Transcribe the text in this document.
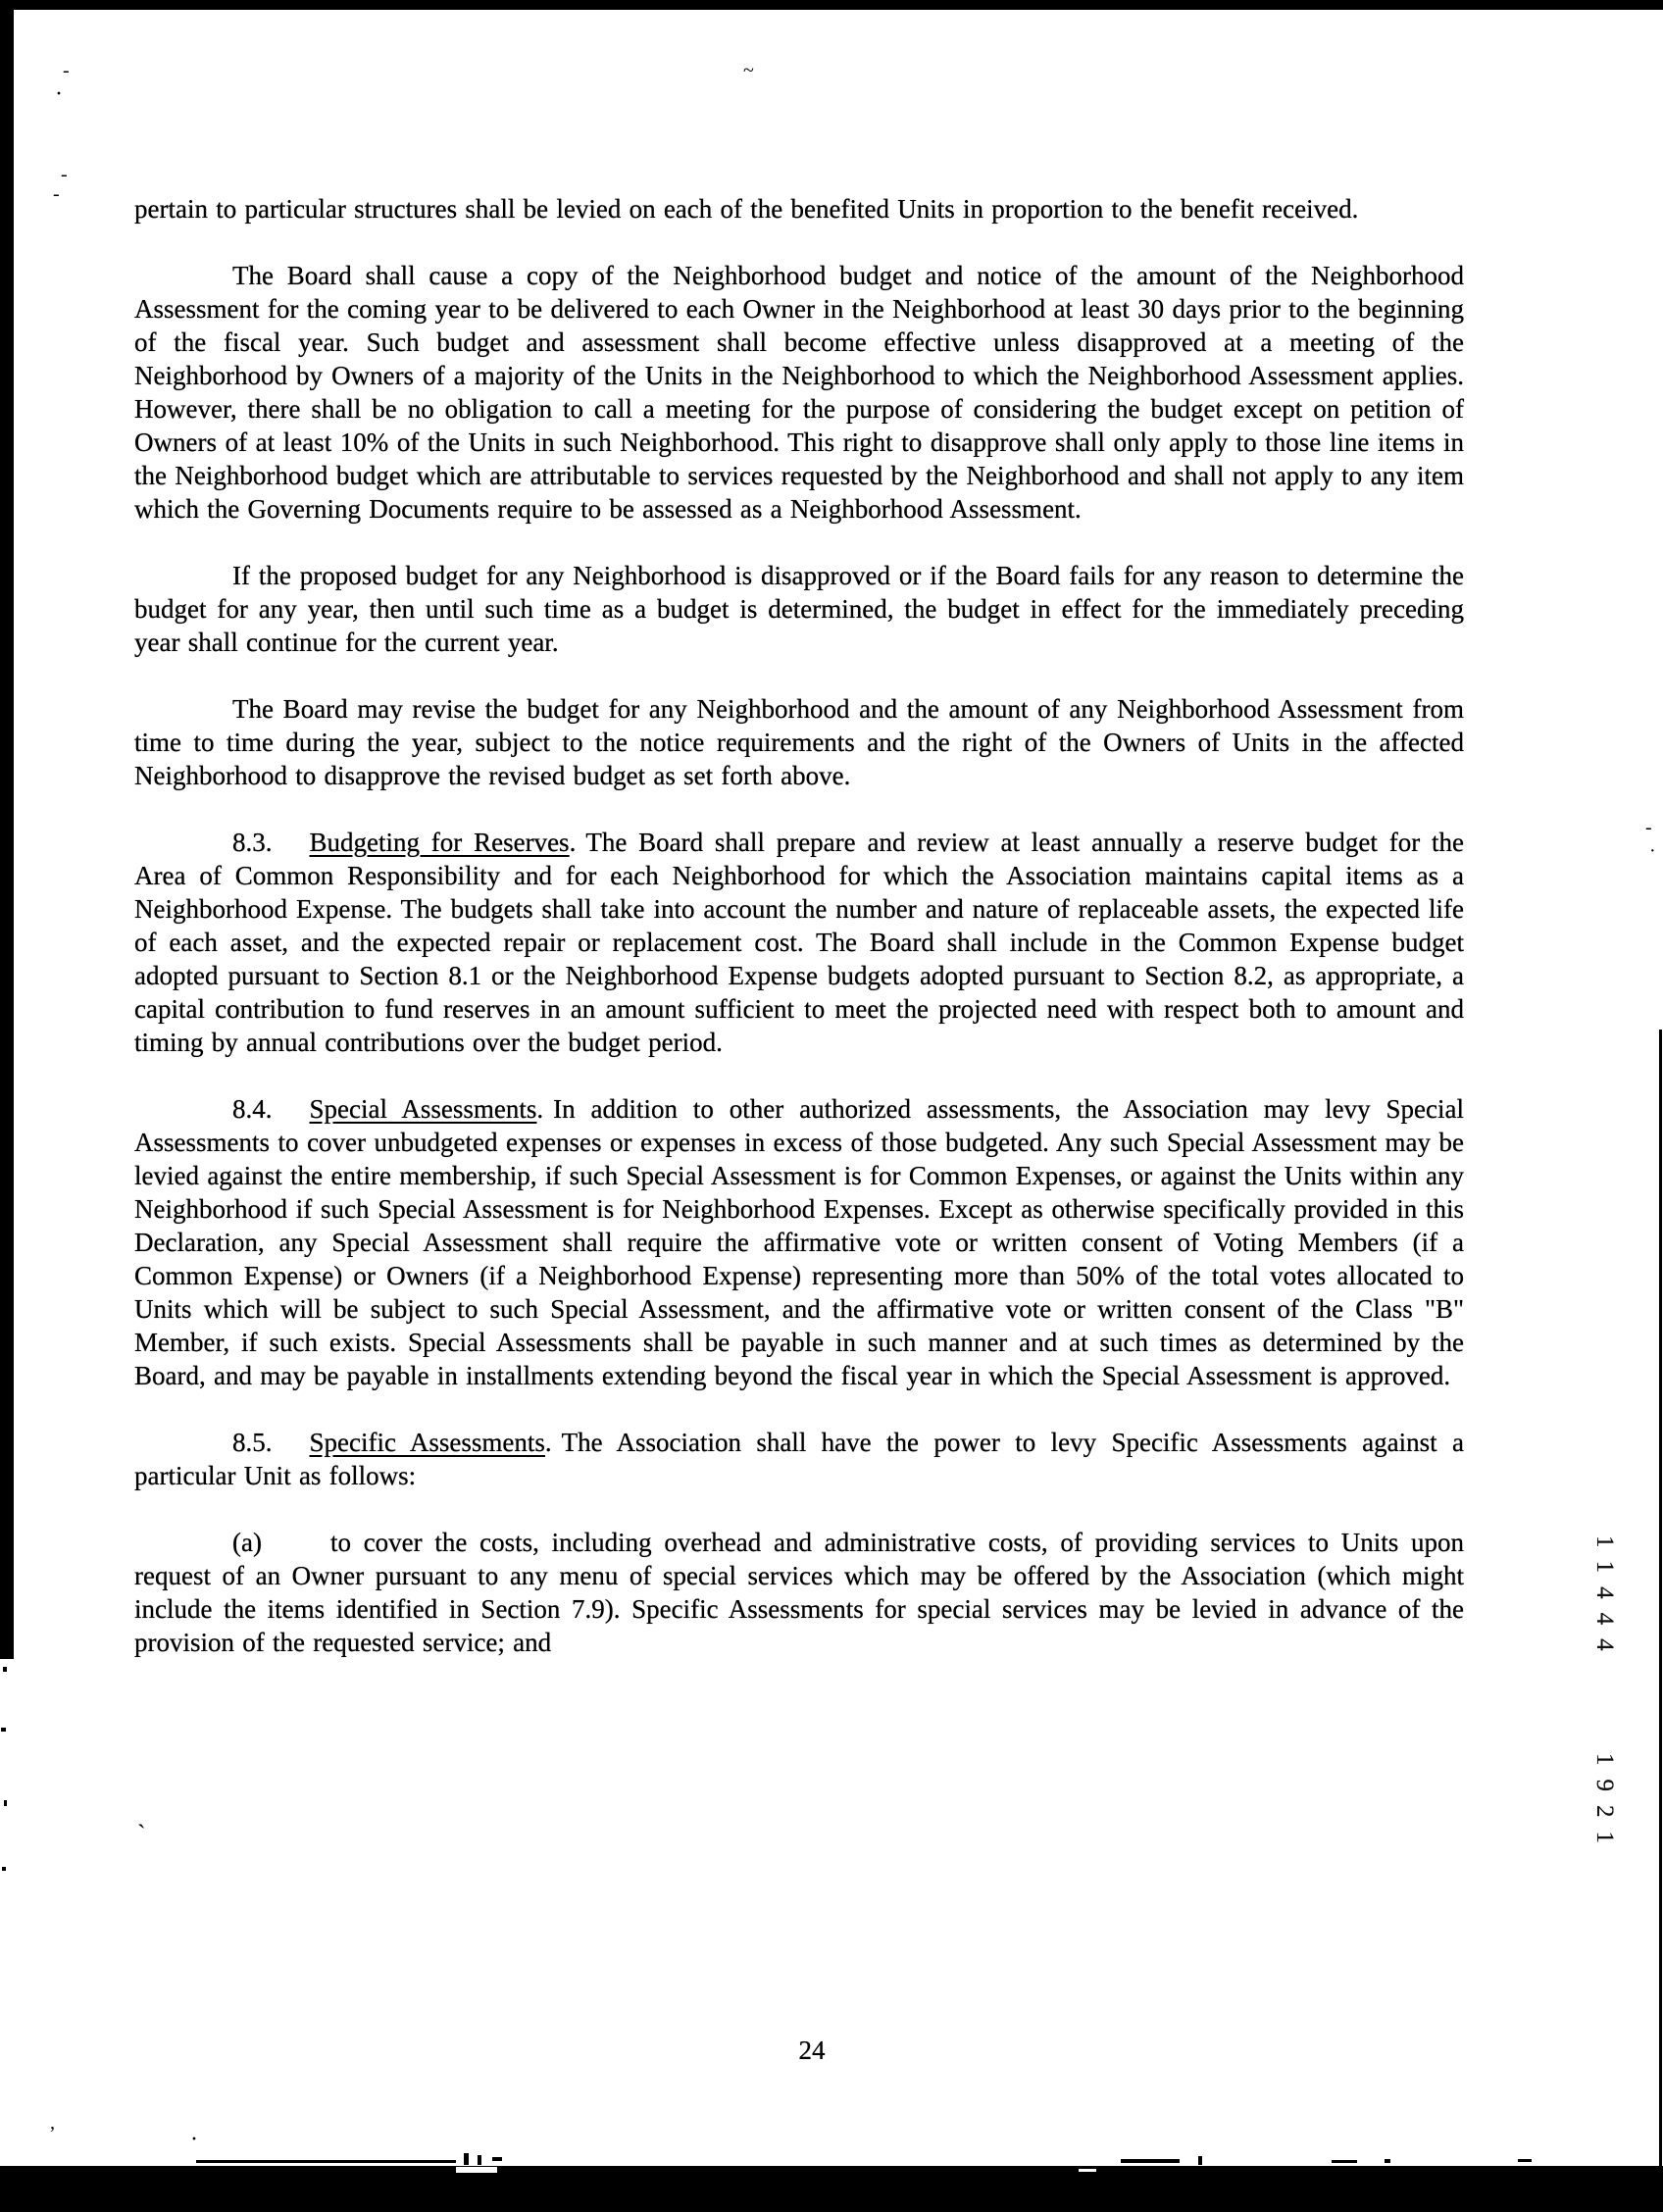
pertain to particular structures shall be levied on each of the benefited Units in proportion to the benefit received.

The Board shall cause a copy of the Neighborhood budget and notice of the amount of the Neighborhood Assessment for the coming year to be delivered to each Owner in the Neighborhood at least 30 days prior to the beginning of the fiscal year. Such budget and assessment shall become effective unless disapproved at a meeting of the Neighborhood by Owners of a majority of the Units in the Neighborhood to which the Neighborhood Assessment applies. However, there shall be no obligation to call a meeting for the purpose of considering the budget except on petition of Owners of at least 10% of the Units in such Neighborhood. This right to disapprove shall only apply to those line items in the Neighborhood budget which are attributable to services requested by the Neighborhood and shall not apply to any item which the Governing Documents require to be assessed as a Neighborhood Assessment.

If the proposed budget for any Neighborhood is disapproved or if the Board fails for any reason to determine the budget for any year, then until such time as a budget is determined, the budget in effect for the immediately preceding year shall continue for the current year.

The Board may revise the budget for any Neighborhood and the amount of any Neighborhood Assessment from time to time during the year, subject to the notice requirements and the right of the Owners of Units in the affected Neighborhood to disapprove the revised budget as set forth above.

8.3. Budgeting for Reserves. The Board shall prepare and review at least annually a reserve budget for the Area of Common Responsibility and for each Neighborhood for which the Association maintains capital items as a Neighborhood Expense. The budgets shall take into account the number and nature of replaceable assets, the expected life of each asset, and the expected repair or replacement cost. The Board shall include in the Common Expense budget adopted pursuant to Section 8.1 or the Neighborhood Expense budgets adopted pursuant to Section 8.2, as appropriate, a capital contribution to fund reserves in an amount sufficient to meet the projected need with respect both to amount and timing by annual contributions over the budget period.

8.4. Special Assessments. In addition to other authorized assessments, the Association may levy Special Assessments to cover unbudgeted expenses or expenses in excess of those budgeted. Any such Special Assessment may be levied against the entire membership, if such Special Assessment is for Common Expenses, or against the Units within any Neighborhood if such Special Assessment is for Neighborhood Expenses. Except as otherwise specifically provided in this Declaration, any Special Assessment shall require the affirmative vote or written consent of Voting Members (if a Common Expense) or Owners (if a Neighborhood Expense) representing more than 50% of the total votes allocated to Units which will be subject to such Special Assessment, and the affirmative vote or written consent of the Class "B" Member, if such exists. Special Assessments shall be payable in such manner and at such times as determined by the Board, and may be payable in installments extending beyond the fiscal year in which the Special Assessment is approved.

8.5. Specific Assessments. The Association shall have the power to levy Specific Assessments against a particular Unit as follows:

(a)	to cover the costs, including overhead and administrative costs, of providing services to Units upon request of an Owner pursuant to any menu of special services which may be offered by the Association (which might include the items identified in Section 7.9). Specific Assessments for special services may be levied in advance of the provision of the requested service; and

24
11444
1921
~
-
·
-
-
`
’	·
-
·
